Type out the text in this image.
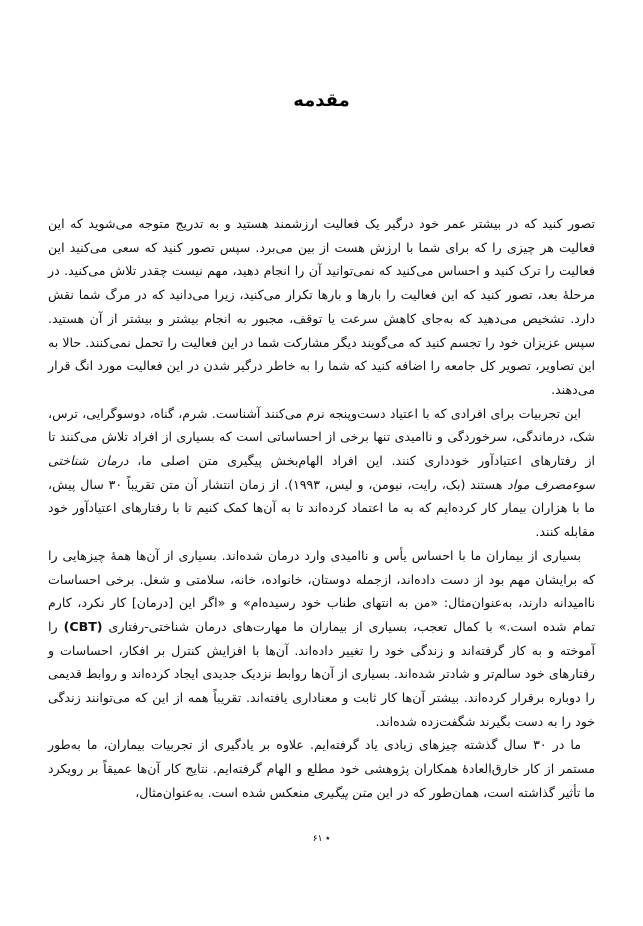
مقدمه

تصور کنید که در بیشتر عمر خود درگیر یک فعالیت ارزشمند هستید و به تدریج متوجه می‌شوید که این فعالیت هر چیزی را که برای شما با ارزش هست از بین می‌برد. سپس تصور کنید که سعی می‌کنید این فعالیت را ترک کنید و احساس می‌کنید که نمی‌توانید آن را انجام دهید، مهم نیست چقدر تلاش می‌کنید. در مرحلهٔ بعد، تصور کنید که این فعالیت را بارها و بارها تکرار می‌کنید، زیرا می‌دانید که در مرگ شما نقش دارد. تشخیص می‌دهید که به‌جای کاهش سرعت یا توقف، مجبور به انجام بیشتر و بیشتر از آن هستید. سپس عزیزان خود را تجسم کنید که می‌گویند دیگر مشارکت شما در این فعالیت را تحمل نمی‌کنند. حالا به این تصاویر، تصویر کل جامعه را اضافه کنید که شما را به خاطر درگیر شدن در این فعالیت مورد انگ قرار می‌دهند.

این تجربیات برای افرادی که با اعتیاد دست‌وپنجه نرم می‌کنند آشناست. شرم، گناه، دوسوگرایی، ترس، شک، درماندگی، سرخوردگی و ناامیدی تنها برخی از احساساتی است که بسیاری از افراد تلاش می‌کنند تا از رفتارهای اعتیادآور خودداری کنند. این افراد الهام‌بخش پیگیری متن اصلی ما، درمان شناختی سوءمصرف مواد هستند (بک، رایت، نیومن، و لیس، ۱۹۹۳). از زمان انتشار آن متن تقریباً ۳۰ سال پیش، ما با هزاران بیمار کار کرده‌ایم که به ما اعتماد کرده‌اند تا به آن‌ها کمک کنیم تا با رفتارهای اعتیادآور خود مقابله کنند.

بسیاری از بیماران ما با احساس یأس و ناامیدی وارد درمان شده‌اند. بسیاری از آن‌ها همهٔ چیزهایی را که برایشان مهم بود از دست داده‌اند، ازجمله دوستان، خانواده، خانه، سلامتی و شغل. برخی احساسات ناامیدانه دارند، به‌عنوان‌مثال: «من به انتهای طناب خود رسیده‌ام» و «اگر این [درمان] کار نکرد، کارم تمام شده است.» با کمال تعجب، بسیاری از بیماران ما مهارت‌های درمان شناختی-رفتاری (CBT) را آموخته و به کار گرفته‌اند و زندگی خود را تغییر داده‌اند. آن‌ها با افزایش کنترل بر افکار، احساسات و رفتارهای خود سالم‌تر و شادتر شده‌اند. بسیاری از آن‌ها روابط نزدیک جدیدی ایجاد کرده‌اند و روابط قدیمی را دوباره برقرار کرده‌اند. بیشتر آن‌ها کار ثابت و معناداری یافته‌اند. تقریباً همه از این که می‌توانند زندگی خود را به دست بگیرند شگفت‌زده شده‌اند.

ما در ۳۰ سال گذشته چیزهای زیادی یاد گرفته‌ایم. علاوه بر یادگیری از تجربیات بیماران، ما به‌طور مستمر از کار خارق‌العادهٔ همکاران پژوهشی خود مطلع و الهام گرفته‌ایم. نتایج کار آن‌ها عمیقاً بر رویکرد ما تأثیر گذاشته است، همان‌طور که در این متن پیگیری منعکس شده است. به‌عنوان‌مثال،

٭ ۶۱
